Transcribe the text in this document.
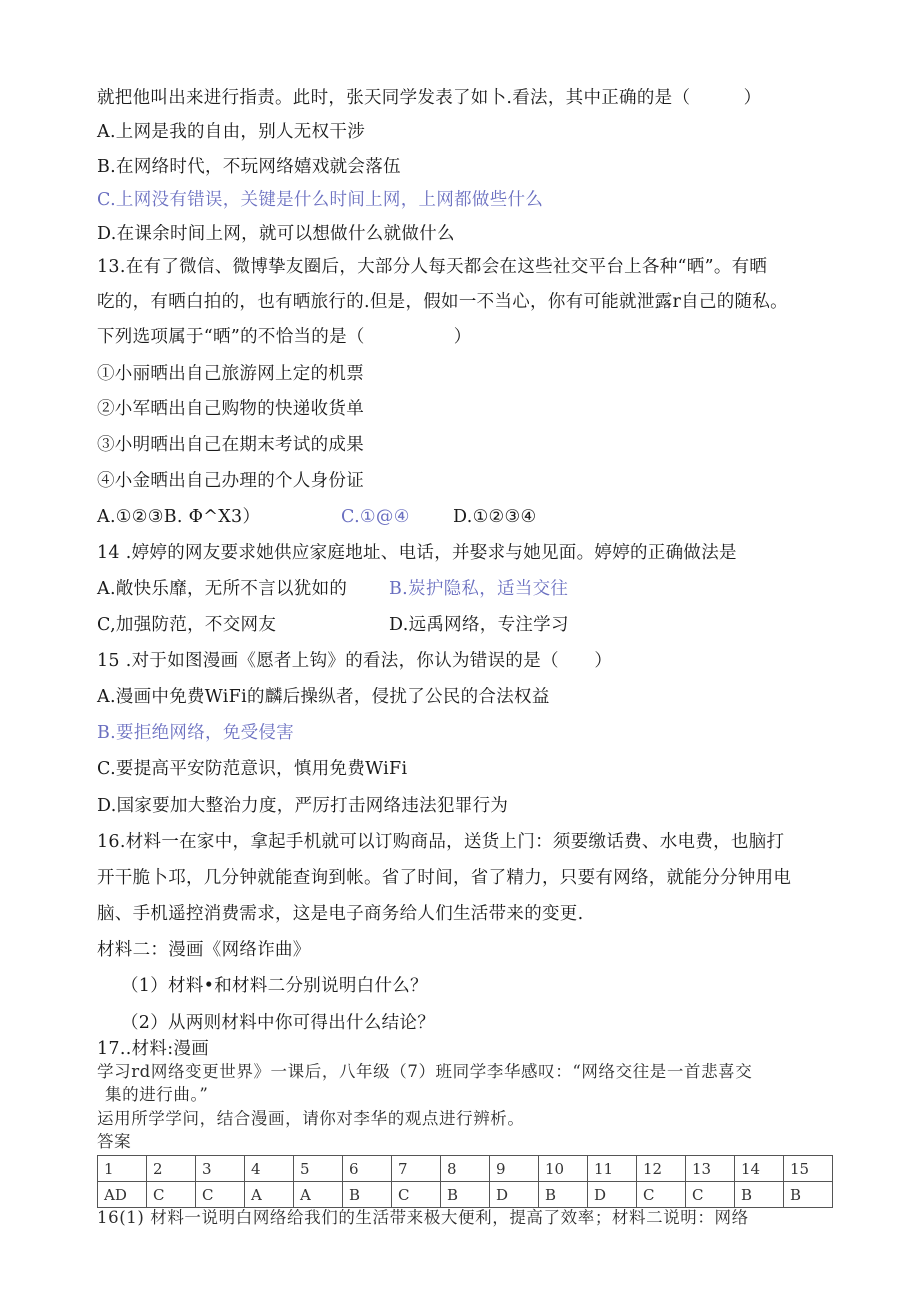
就把他叫出来进行指责。此时，张天同学发表了如卜.看法，其中正确的是（　　　）
A.上网是我的自由，别人无权干涉
B.在网络时代，不玩网络嬉戏就会落伍
C.上网没有错误，关键是什么时间上网，上网都做些什么
D.在课余时间上网，就可以想做什么就做什么
13.在有了微信、微博挚友圈后，大部分人每天都会在这些社交平台上各种“晒”。有晒
吃的，有晒白拍的，也有晒旅行的.但是，假如一不当心，你有可能就泄露r自己的随私。
下列选项属于“晒”的不恰当的是（　　　　　）
①小丽晒出自己旅游网上定的机票
②小军晒出自己购物的快递收货单
③小明晒出自己在期末考试的成果
④小金晒出自己办理的个人身份证
A.①②③B. Φ^X3）	C.①@④ D.①②③④
14 .婷婷的网友要求她供应家庭地址、电话，并娶求与她见面。婷婷的正确做法是
A.敞快乐靡，无所不言以犹如的 B.炭护隐私，适当交往
C,加强防范，不交网友	D.远禹网络，专注学习
15 .对于如图漫画《愿者上钩》的看法，你认为错误的是（　　）
A.漫画中免费WiFi的麟后操纵者，侵扰了公民的合法权益
B.要拒绝网络，免受侵害
C.要提高平安防范意识，慎用免费WiFi
D.国家要加大整治力度，严厉打击网络违法犯罪行为
16.材料一在家中，拿起手机就可以订购商品，送货上门：须要缴话费、水电费，也脑打
开干脆卜邛，几分钟就能查询到帐。省了时间，省了精力，只要有网络，就能分分钟用电
脑、手机遥控消费需求，这是电子商务给人们生活带来的变更.
材料二：漫画《网络诈曲》
（1）材料•和材料二分别说明白什么？
（2）从两则材料中你可得出什么结论？
17..材料:漫画
学习rd网络变更世界》一课后，八年级（7）班同学李华感叹：“网络交往是一首悲喜交
集的进行曲。”
运用所学学问，结合漫画，请你对李华的观点进行辨析。
答案
1	2	3	4	5	6	7	8	9	10	11	12	13	14	15
AD	C	C	A	A	B	C	B	D	B	D	C	C	B	B
16(1) 材料一说明白网络给我们的生活带来极大便利，提高了效率；材料二说明：网络
